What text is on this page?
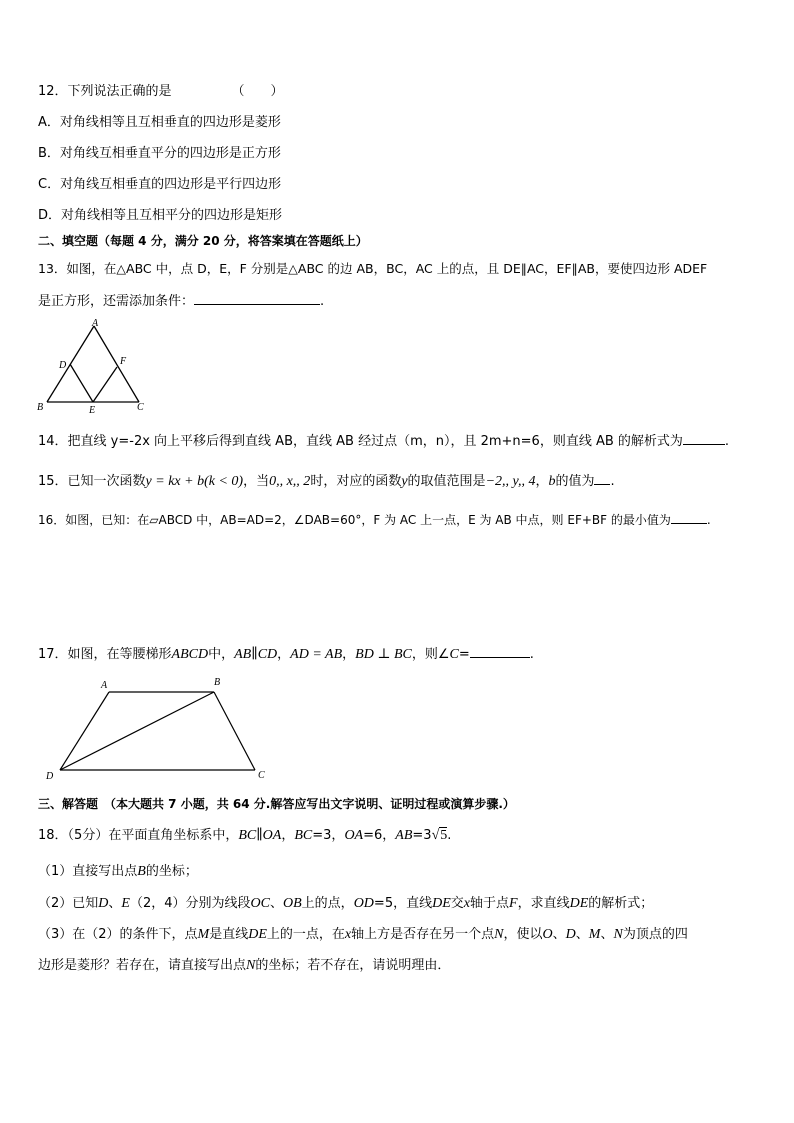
12．下列说法正确的是	（　　）
A．对角线相等且互相垂直的四边形是菱形
B．对角线互相垂直平分的四边形是正方形
C．对角线互相垂直的四边形是平行四边形
D．对角线相等且互相平分的四边形是矩形
二、填空题（每题 4 分，满分 20 分，将答案填在答题纸上）
13．如图，在△ABC 中，点 D，E，F 分别是△ABC 的边 AB，BC，AC 上的点，且 DE∥AC，EF∥AB，要使四边形 ADEF
是正方形，还需添加条件：	.
A
D	F
B	E	C
14．把直线 y=-2x 向上平移后得到直线 AB，直线 AB 经过点（m，n），且 2m+n=6，则直线 AB 的解析式为	.
15．已知一次函数y = kx + b(k < 0)，当0,, x,, 2时，对应的函数y的取值范围是−2,, y,, 4，b的值为 .
16．如图，已知：在▱ABCD 中，AB=AD=2，∠DAB=60°，F 为 AC 上一点，E 为 AB 中点，则 EF+BF 的最小值为	.
17．如图，在等腰梯形ABCD中，AB∥CD，AD = AB，BD ⊥ BC，则∠C=	.
A	B
D	C
三、解答题　（本大题共 7 小题，共 64 分.解答应写出文字说明、证明过程或演算步骤.）
18．（5分）在平面直角坐标系中，BC∥OA，BC=3，OA=6，AB=3√5.
（1）直接写出点B的坐标；
（2）已知D、E（2，4）分别为线段OC、OB上的点，OD=5，直线DE交x轴于点F，求直线DE的解析式；
（3）在（2）的条件下，点M是直线DE上的一点，在x轴上方是否存在另一个点N，使以O、D、M、N为顶点的四
边形是菱形？若存在，请直接写出点N的坐标；若不存在，请说明理由．
